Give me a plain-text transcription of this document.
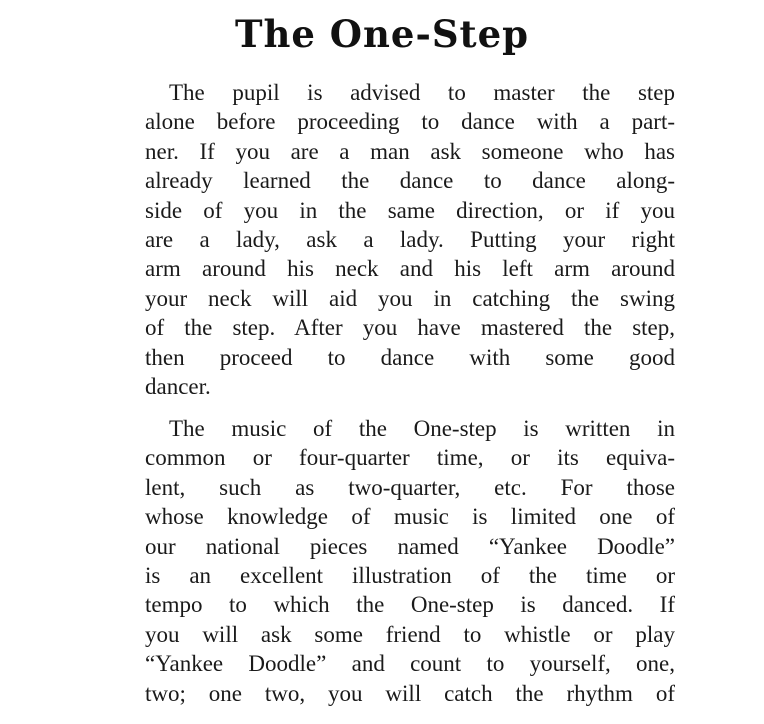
The One-Step
The pupil is advised to master the step
alone before proceeding to dance with a part-
ner. If you are a man ask someone who has
already learned the dance to dance along-
side of you in the same direction, or if you
are a lady, ask a lady. Putting your right
arm around his neck and his left arm around
your neck will aid you in catching the swing
of the step. After you have mastered the step,
then proceed to dance with some good
dancer.
The music of the One-step is written in
common or four-quarter time, or its equiva-
lent, such as two-quarter, etc. For those
whose knowledge of music is limited one of
our national pieces named “Yankee Doodle”
is an excellent illustration of the time or
tempo to which the One-step is danced. If
you will ask some friend to whistle or play
“Yankee Doodle” and count to yourself, one,
two; one two, you will catch the rhythm of
